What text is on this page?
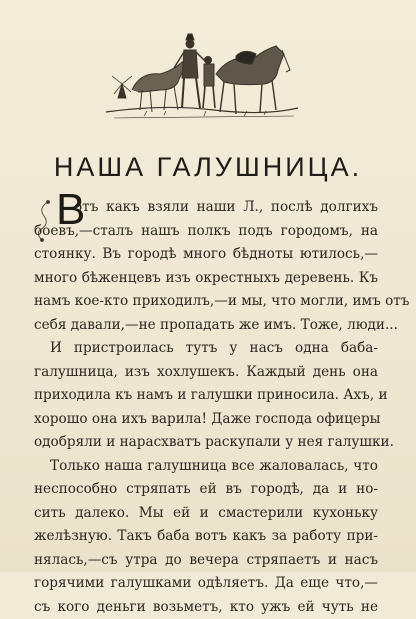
НАША ГАЛУШНИЦА.
В
отъ какъ взяли наши Л., послѣ долгихъ
боевъ,—сталъ нашъ полкъ подъ городомъ, на
стоянку. Въ городѣ много бѣдноты ютилось,—
много бѣженцевъ изъ окрестныхъ деревень. Къ
намъ кое-кто приходилъ,—и мы, что могли, имъ отъ
себя давали,—не пропадать же имъ. Тоже, люди...
И пристроилась тутъ у насъ одна баба-
галушница, изъ хохлушекъ. Каждый день она
приходила къ намъ и галушки приносила. Ахъ, и
хорошо она ихъ варила! Даже господа офицеры
одобряли и нарасхватъ раскупали у нея галушки.
Только наша галушница все жаловалась, что
неспособно стряпать ей въ городѣ, да и но-
сить далеко. Мы ей и смастерили кухоньку
желѣзную. Такъ баба вотъ какъ за работу при-
нялась,—съ утра до вечера стряпаетъ и насъ
горячими галушками одѣляетъ. Да еще что,—
съ кого деньги возьметъ, кто ужъ ей чуть не
